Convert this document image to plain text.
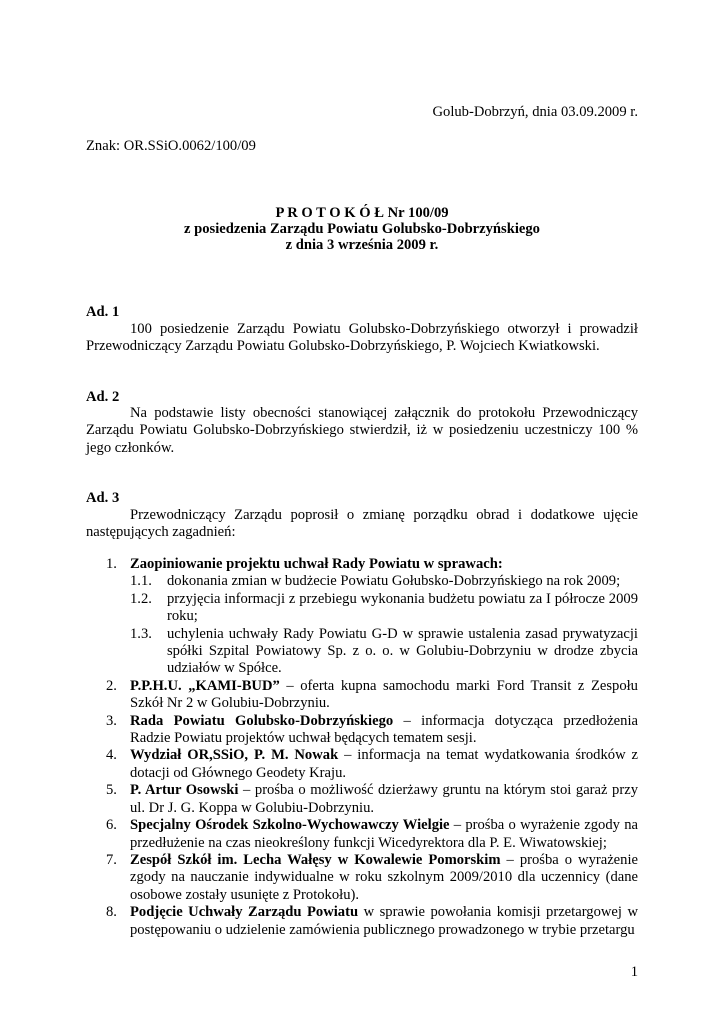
Golub-Dobrzyń, dnia 03.09.2009 r.
Znak: OR.SSiO.0062/100/09
P R O T O K Ó Ł Nr 100/09
z posiedzenia Zarządu Powiatu Golubsko-Dobrzyńskiego
z dnia 3 września 2009 r.
Ad. 1
100 posiedzenie Zarządu Powiatu Golubsko-Dobrzyńskiego otworzył i prowadził Przewodniczący Zarządu Powiatu Golubsko-Dobrzyńskiego, P. Wojciech Kwiatkowski.
Ad. 2
Na podstawie listy obecności stanowiącej załącznik do protokołu Przewodniczący Zarządu Powiatu Golubsko-Dobrzyńskiego stwierdził, iż w posiedzeniu uczestniczy 100 % jego członków.
Ad. 3
Przewodniczący Zarządu poprosił o zmianę porządku obrad i dodatkowe ujęcie następujących zagadnień:
1. Zaopiniowanie projektu uchwał Rady Powiatu w sprawach:
1.1. dokonania zmian w budżecie Powiatu Gołubsko-Dobrzyńskiego na rok 2009;
1.2. przyjęcia informacji z przebiegu wykonania budżetu powiatu za I półrocze 2009 roku;
1.3. uchylenia uchwały Rady Powiatu G-D w sprawie ustalenia zasad prywatyzacji spółki Szpital Powiatowy Sp. z o. o. w Golubiu-Dobrzyniu w drodze zbycia udziałów w Spółce.
2. P.P.H.U. „KAMI-BUD” – oferta kupna samochodu marki Ford Transit z Zespołu Szkół Nr 2 w Golubiu-Dobrzyniu.
3. Rada Powiatu Golubsko-Dobrzyńskiego – informacja dotycząca przedłożenia Radzie Powiatu projektów uchwał będących tematem sesji.
4. Wydział OR,SSiO, P. M. Nowak – informacja na temat wydatkowania środków z dotacji od Głównego Geodety Kraju.
5. P. Artur Osowski – prośba o możliwość dzierżawy gruntu na którym stoi garaż przy ul. Dr J. G. Koppa w Golubiu-Dobrzyniu.
6. Specjalny Ośrodek Szkolno-Wychowawczy Wielgie – prośba o wyrażenie zgody na przedłużenie na czas nieokreślony funkcji Wicedyrektora dla P. E. Wiwatowskiej;
7. Zespół Szkół im. Lecha Wałęsy w Kowalewie Pomorskim – prośba o wyrażenie zgody na nauczanie indywidualne w roku szkolnym 2009/2010 dla uczennicy (dane osobowe zostały usunięte z Protokołu).
8. Podjęcie Uchwały Zarządu Powiatu w sprawie powołania komisji przetargowej w postępowaniu o udzielenie zamówienia publicznego prowadzonego w trybie przetargu
1
